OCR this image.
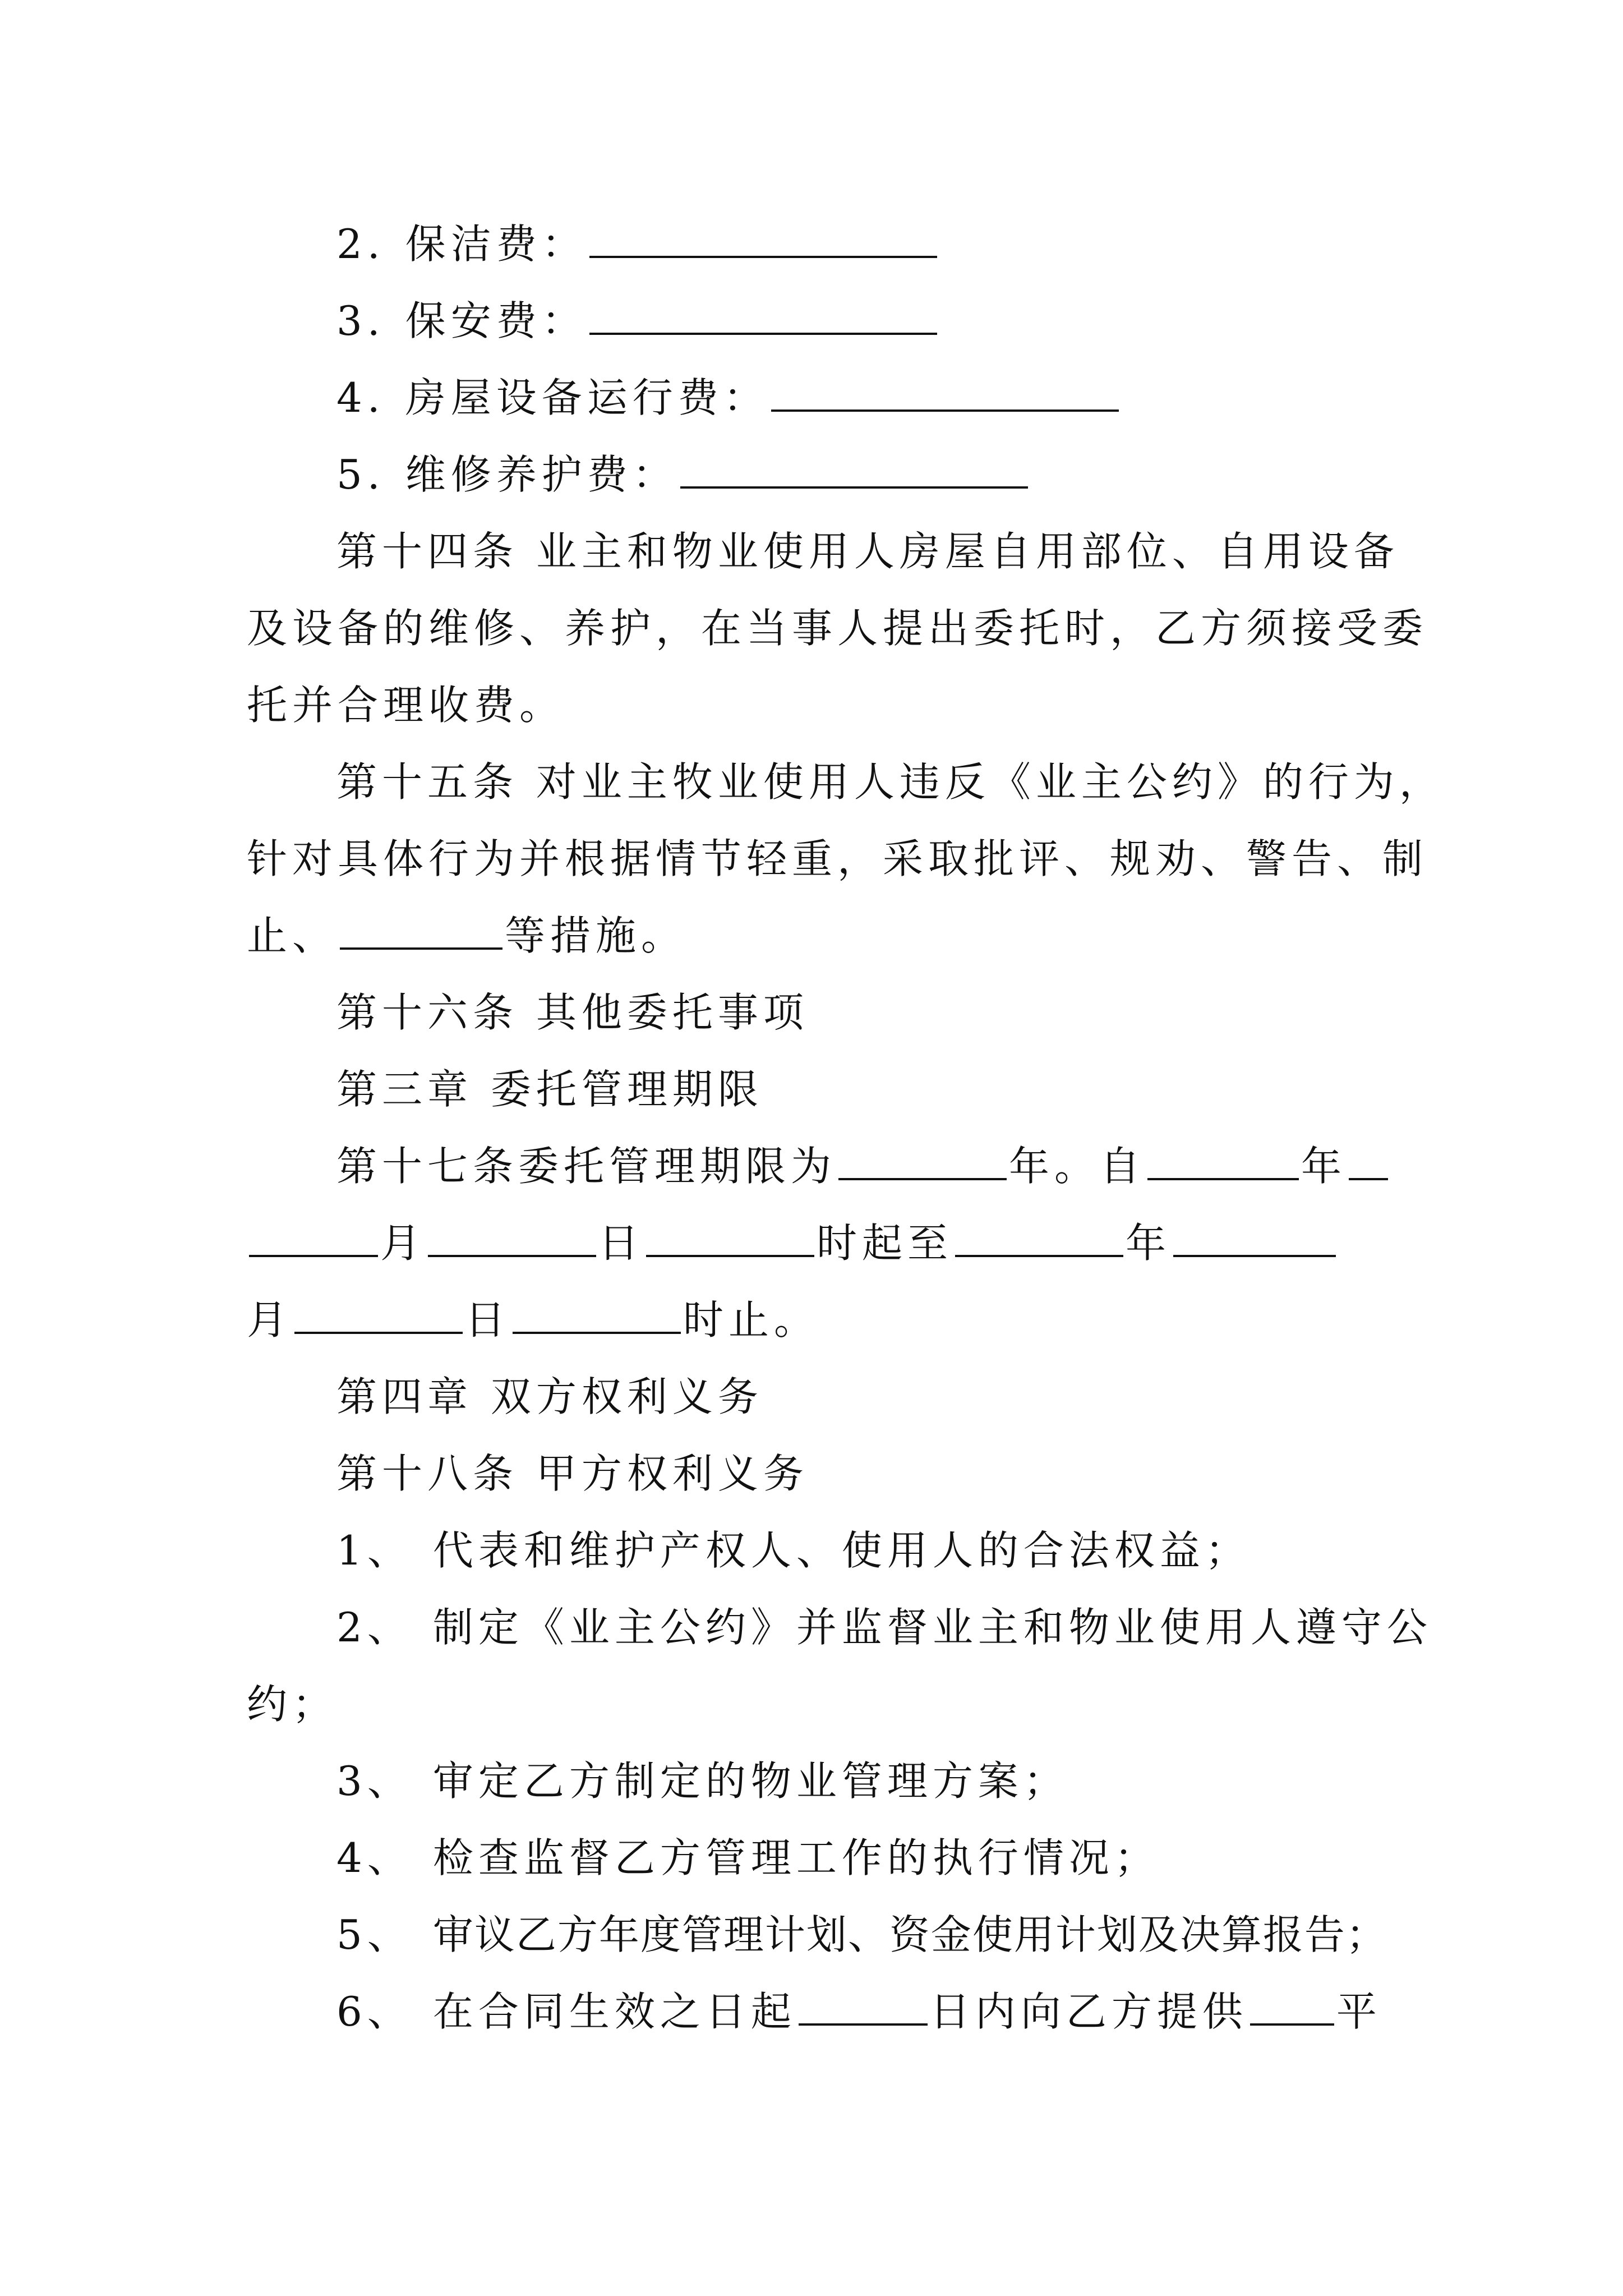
2. 保洁费：
3. 保安费：
4. 房屋设备运行费：
5. 维修养护费：
第十四条 业主和物业使用人房屋自用部位、自用设备
及设备的维修、养护，在当事人提出委托时，乙方须接受委
托并合理收费。
第十五条 对业主牧业使用人违反《业主公约》的行为，
针对具体行为并根据情节轻重，采取批评、规劝、警告、制
止、	等措施。
第十六条 其他委托事项
第三章 委托管理期限
第十七条委托管理期限为	年。自	年
月	日	时起至	年
月	日	时止。
第四章 双方权利义务
第十八条 甲方权利义务
1、 代表和维护产权人、使用人的合法权益；
2、 制定《业主公约》并监督业主和物业使用人遵守公
约；
3、 审定乙方制定的物业管理方案；
4、 检查监督乙方管理工作的执行情况；
5、 审议乙方年度管理计划、资金使用计划及决算报告；
6、 在合同生效之日起	日内向乙方提供 平
